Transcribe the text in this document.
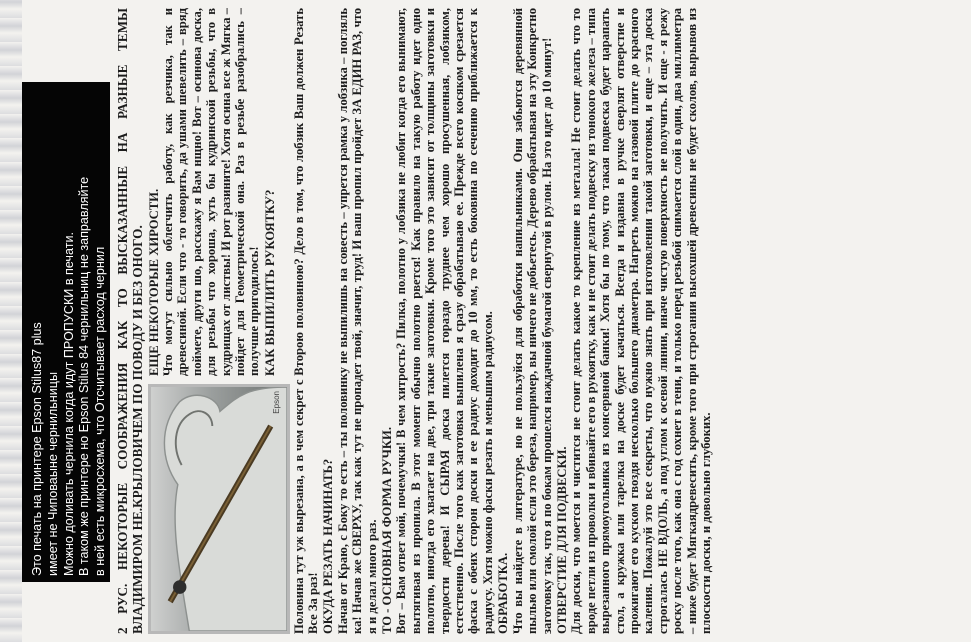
Это печать на принтере Epson Stilus87 plus имеет не Чиповаыне чернильницы Можно доливать чернила когда идут ПРОПУСКИ в печати. В таком же принтере но Epson Stilus 84 чернильниц не заправляйте в ней есть микросхема, что Отсчитывает расход чернил 2 РУС. НЕКОТОРЫЕ СООБРАЖЕНИЯ КАК ТО ВЫСКАЗАННЫЕ НА РАЗНЫЕ ТЕМЫ ВЛАДИМИРОМ НЕ.КРЫЛОВИЧЕМ ПО ПОВОДУ И БЕЗ ОНОГО.	Epson
ЕЩЕ НЕКОТОРЫЕ ХИРОСТИ. Что могут сильно облегчить работу, как резчика, так и древесиной. Если что - то говорить, да ушами шевелить – вряд поймете, други шо, расскажу я Вам нщно! Вот – осинова доска, для резьбы что хороша, хуть бы кудринской резьбы, что в кудрищах от листвы! И рот разините! Хотя осина все ж Мягка – пойдет для Геометрической она. Раз в резьбе разобрались – получше пригодилось! КАК ВЫПИЛИТЬ РУКОЯТКУ? Половина тут уж вырезана, а в чем секрет с Второю половиною? Дело в том, что лобзик Ваш должен Резать Все За раз! ОКУДА РЕЗАТЬ НАЧИНАТЬ? Начав от Краю, с Боку то есть – ты половинку не выпилишь на совесть – упрется рамка у лобзика – погляль ка! Начав же СВЕРХУ, так как тут не пропадет твой, значит, труд! И ваш пропил пройдет ЗА ЕДИН РАЗ, что я и делал много раз. ТО - ОСНОВНАЯ ФОРМА РУЧКИ. Вот – Вам ответ мой, почемучки! В чем хитрость? Пилка, полотно у лобзика не любит когда его вынимают, вытягивая из пропила. В этот момент обычно полотно рвется! Как правило на такую работу идет одно полотно, иногда его хватает на две, три такие заготовки. Кроме того это зависит от толщины заготовки и твердости дерева! И СЫРАЯ доска пилется гораздо труднее чем хорошо просушенная, лобзиком, естественно. После того как заготовка выпилена я сразу обрабатываю ее. Прежде всего косяком срезается фаска с обеих сторон доски и ее радиус доходит до 10 мм, то есть боковина по сечению приближается к радиусу. Хотя можно фаски резать и меньшим радиусом. ОБРАБОТКА. Что вы найдете в литературе, но не пользуйся для обработки напильниками. Они забьются деревянной пылью или смолой если это береза, например, вы ничего не добьетесь. Дерево обрабатывая на эту Конкретно заготовку так, что я по бокам прошелся наждачной бумагой свернутой в рулон. На это идет до 10 минут! ОТВЕРСТИЕ ДЛЯ ПОДВЕСКИ. Для доски, что моется и чистится не стоит делать какое то крепление из металла! Не стоит делать что то вроде петли из проволки и вбивайте его в рукоятку, как и не стоит делать подвеску из тонокого железа – типа вырезанного прямоугольника из консервной банки! Хотя бы по тому, что такая подвеска будет царапать стол, а кружка или тарелка на доске будет качаться. Всегда и издавна в ручке сверлят отверстие и прожигают его куском гвоздя несколько большего диаметра. Нагреть можно на газовой плите до красного каления. Пожалуй это все секреты, что нужно знать при изготовлении такой заготовки, и еще – эта доска строгалась НЕ ВДОЛЬ, а под углом к осевой линии, иначе чистую поверхность не получить. И еще - я режу роску после того, как она с год сохнет в тени, и только перед резьбой снимается слой в один, два миллиметра – ниже будет Мягкаядревесить, кроме того при строгании высохшей древесины не будет сколов, вырывов из плоскости доски, и довольно глубоких.
